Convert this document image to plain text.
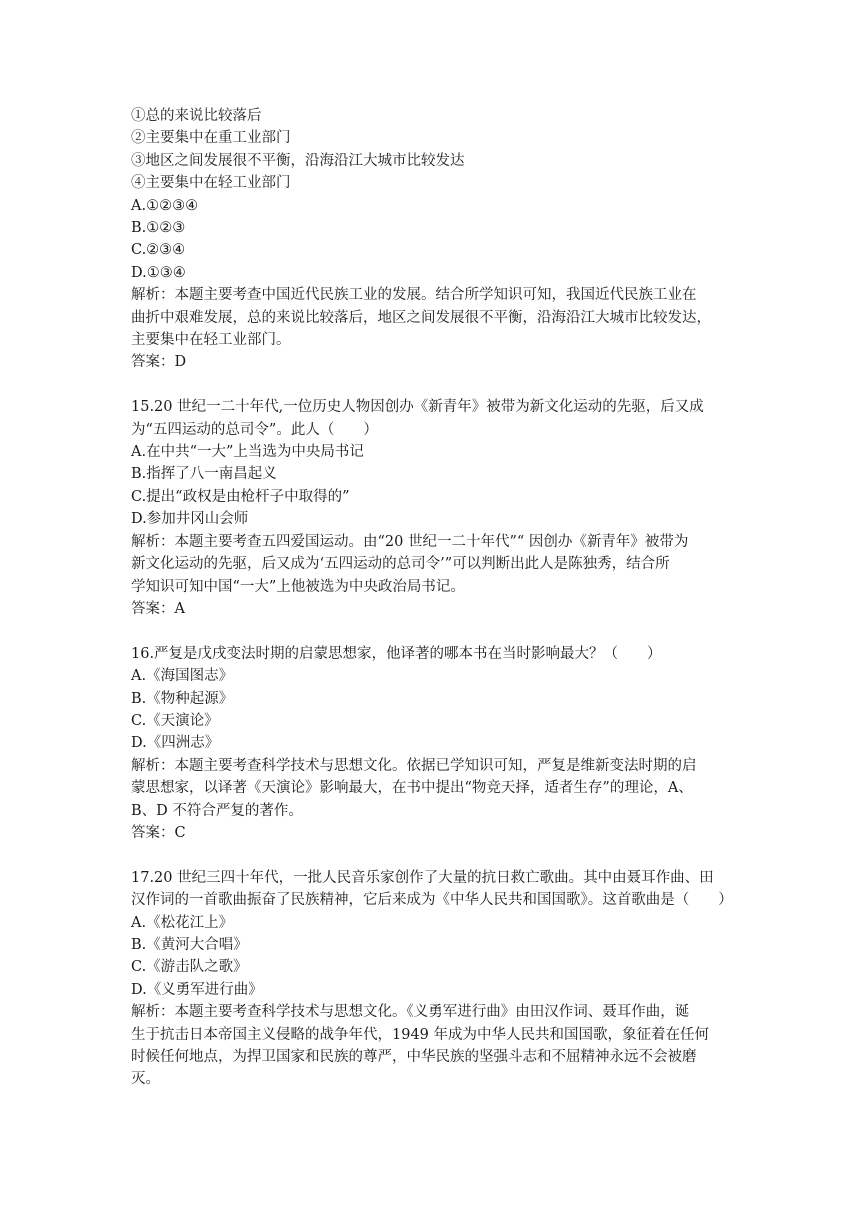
①总的来说比较落后
②主要集中在重工业部门
③地区之间发展很不平衡，沿海沿江大城市比较发达
④主要集中在轻工业部门
A.①②③④
B.①②③
C.②③④
D.①③④
解析：本题主要考查中国近代民族工业的发展。结合所学知识可知，我国近代民族工业在
曲折中艰难发展，总的来说比较落后，地区之间发展很不平衡，沿海沿江大城市比较发达，
主要集中在轻工业部门。
答案：D
15.20 世纪一二十年代,一位历史人物因创办《新青年》被带为新文化运动的先驱，后又成
为“五四运动的总司令”。此人（　　）
A.在中共“一大”上当选为中央局书记
B.指挥了八一南昌起义
C.提出“政权是由枪杆子中取得的”
D.参加井冈山会师
解析：本题主要考查五四爱国运动。由“20 世纪一二十年代”“ 因创办《新青年》被带为
新文化运动的先驱，后又成为‘五四运动的总司令’”可以判断出此人是陈独秀，结合所
学知识可知中国“一大”上他被选为中央政治局书记。
答案：A
16.严复是戊戌变法时期的启蒙思想家，他译著的哪本书在当时影响最大？（　　）
A.《海国图志》
B.《物种起源》
C.《天演论》
D.《四洲志》
解析：本题主要考查科学技术与思想文化。依据已学知识可知，严复是维新变法时期的启
蒙思想家，以译著《天演论》影响最大，在书中提出“物竞天择，适者生存”的理论，A、
B、D 不符合严复的著作。
答案：C
17.20 世纪三四十年代，一批人民音乐家创作了大量的抗日救亡歌曲。其中由聂耳作曲、田
汉作词的一首歌曲振奋了民族精神，它后来成为《中华人民共和国国歌》。这首歌曲是（　　）
A.《松花江上》
B.《黄河大合唱》
C.《游击队之歌》
D.《义勇军进行曲》
解析：本题主要考查科学技术与思想文化。《义勇军进行曲》由田汉作词、聂耳作曲，诞
生于抗击日本帝国主义侵略的战争年代，1949 年成为中华人民共和国国歌，象征着在任何
时候任何地点，为捍卫国家和民族的尊严，中华民族的坚强斗志和不屈精神永远不会被磨
灭。
